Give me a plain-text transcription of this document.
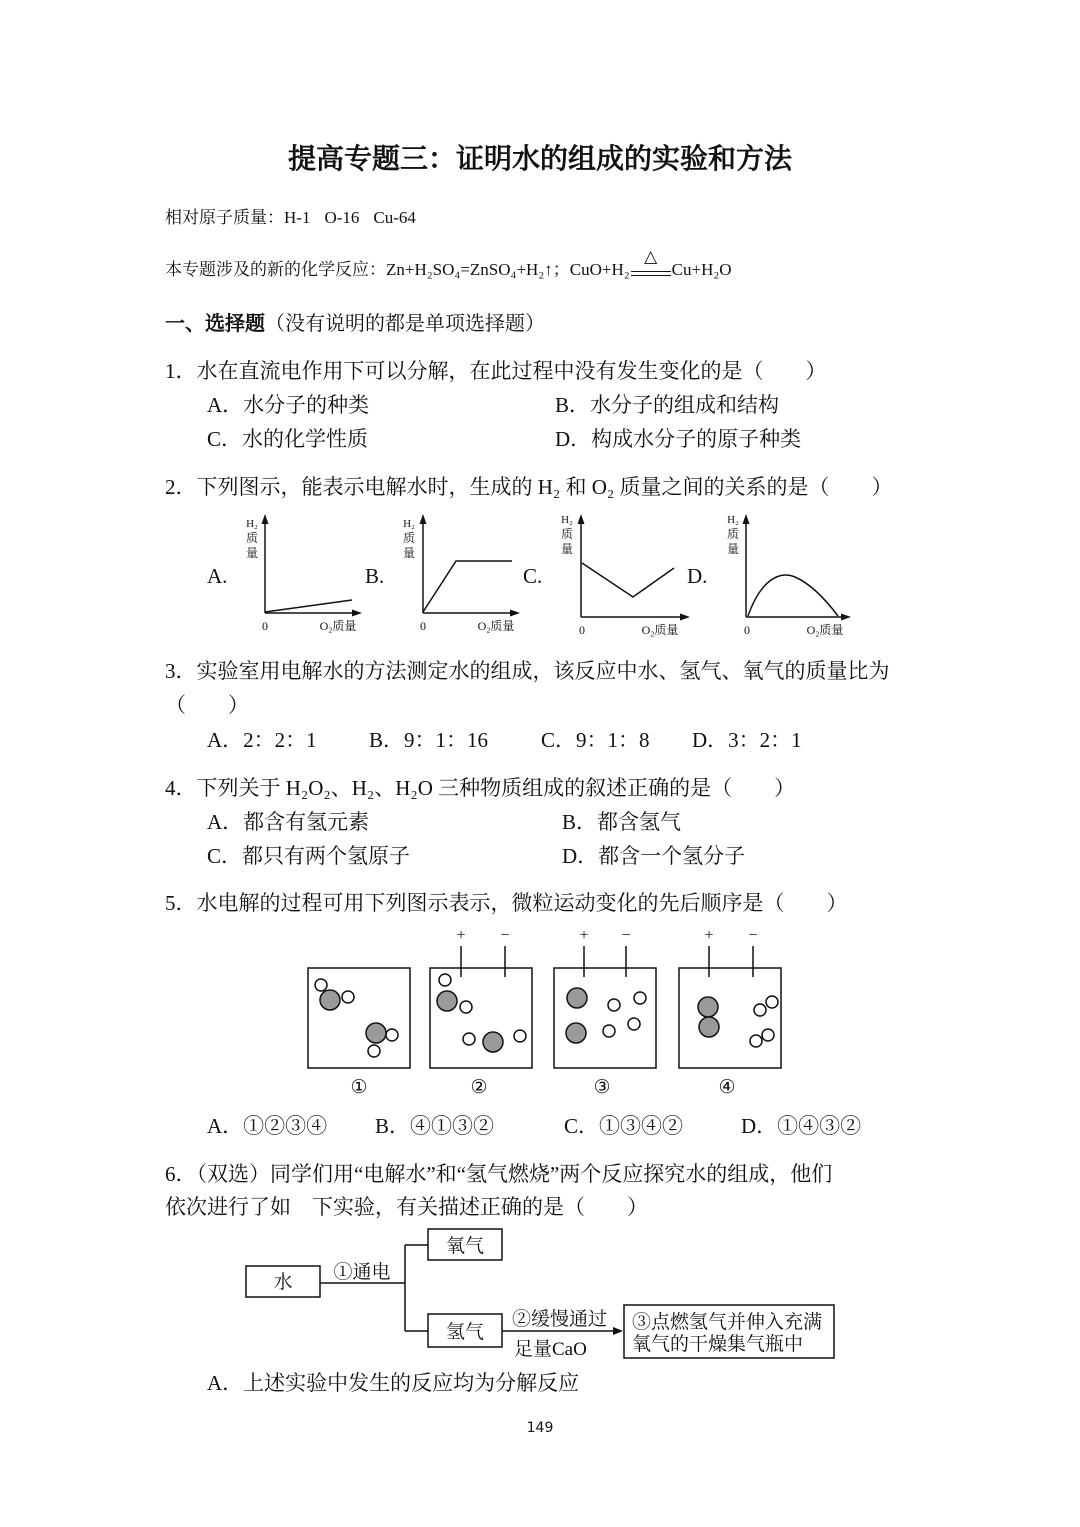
提高专题三：证明水的组成的实验和方法
相对原子质量：H-1 O-16 Cu-64
本专题涉及的新的化学反应：Zn+H₂SO₄=ZnSO₄+H₂↑；CuO+H₂
△
Cu+H₂O
一、选择题（没有说明的都是单项选择题）
1．水在直流电作用下可以分解，在此过程中没有发生变化的是（　　）
A．水分子的种类	B．水分子的组成和结构
C．水的化学性质	D．构成水分子的原子种类
2．下列图示，能表示电解水时，生成的 H₂ 和 O₂ 质量之间的关系的是（　　）
A.
H₂
质
量
0	O₂质量
B.
H₂
质
量
0	O₂质量
C.
H₂
质
量
0	O₂质量
D.
H₂
质
量
0	O₂质量
3．实验室用电解水的方法测定水的组成，该反应中水、氢气、氧气的质量比为
（　　）
A．2：2：1 B．9：1：16	C．9：1：8 D．3：2：1
4．下列关于 H₂O₂、H₂、H₂O 三种物质组成的叙述正确的是（　　）
A．都含有氢元素	B．都含氢气
C．都只有两个氢原子	D．都含一个氢分子
5．水电解的过程可用下列图示表示，微粒运动变化的先后顺序是（　　）
①
+ −
②
+ −
③
+ −
④
A．①②③④ B．④①③②	C．①③④②	D．①④③②
6．（双选）同学们用“电解水”和“氢气燃烧”两个反应探究水的组成，他们
依次进行了如　下实验，有关描述正确的是（　　）
水 ①通电
氧气
氢气
②缓慢通过
足量CaO
③点燃氢气并伸入充满
氧气的干燥集气瓶中
A．上述实验中发生的反应均为分解反应
149
